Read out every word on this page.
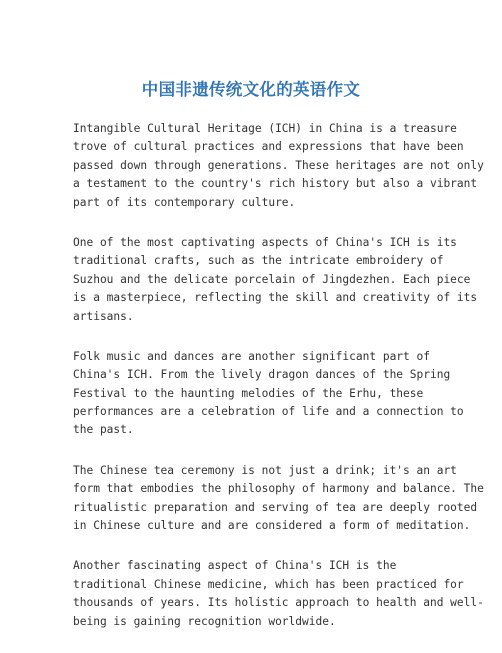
中国非遗传统文化的英语作文

Intangible Cultural Heritage (ICH) in China is a treasure
trove of cultural practices and expressions that have been
passed down through generations. These heritages are not only
a testament to the country's rich history but also a vibrant
part of its contemporary culture.

One of the most captivating aspects of China's ICH is its
traditional crafts, such as the intricate embroidery of
Suzhou and the delicate porcelain of Jingdezhen. Each piece
is a masterpiece, reflecting the skill and creativity of its
artisans.

Folk music and dances are another significant part of
China's ICH. From the lively dragon dances of the Spring
Festival to the haunting melodies of the Erhu, these
performances are a celebration of life and a connection to
the past.

The Chinese tea ceremony is not just a drink; it's an art
form that embodies the philosophy of harmony and balance. The
ritualistic preparation and serving of tea are deeply rooted
in Chinese culture and are considered a form of meditation.

Another fascinating aspect of China's ICH is the
traditional Chinese medicine, which has been practiced for
thousands of years. Its holistic approach to health and well-
being is gaining recognition worldwide.
